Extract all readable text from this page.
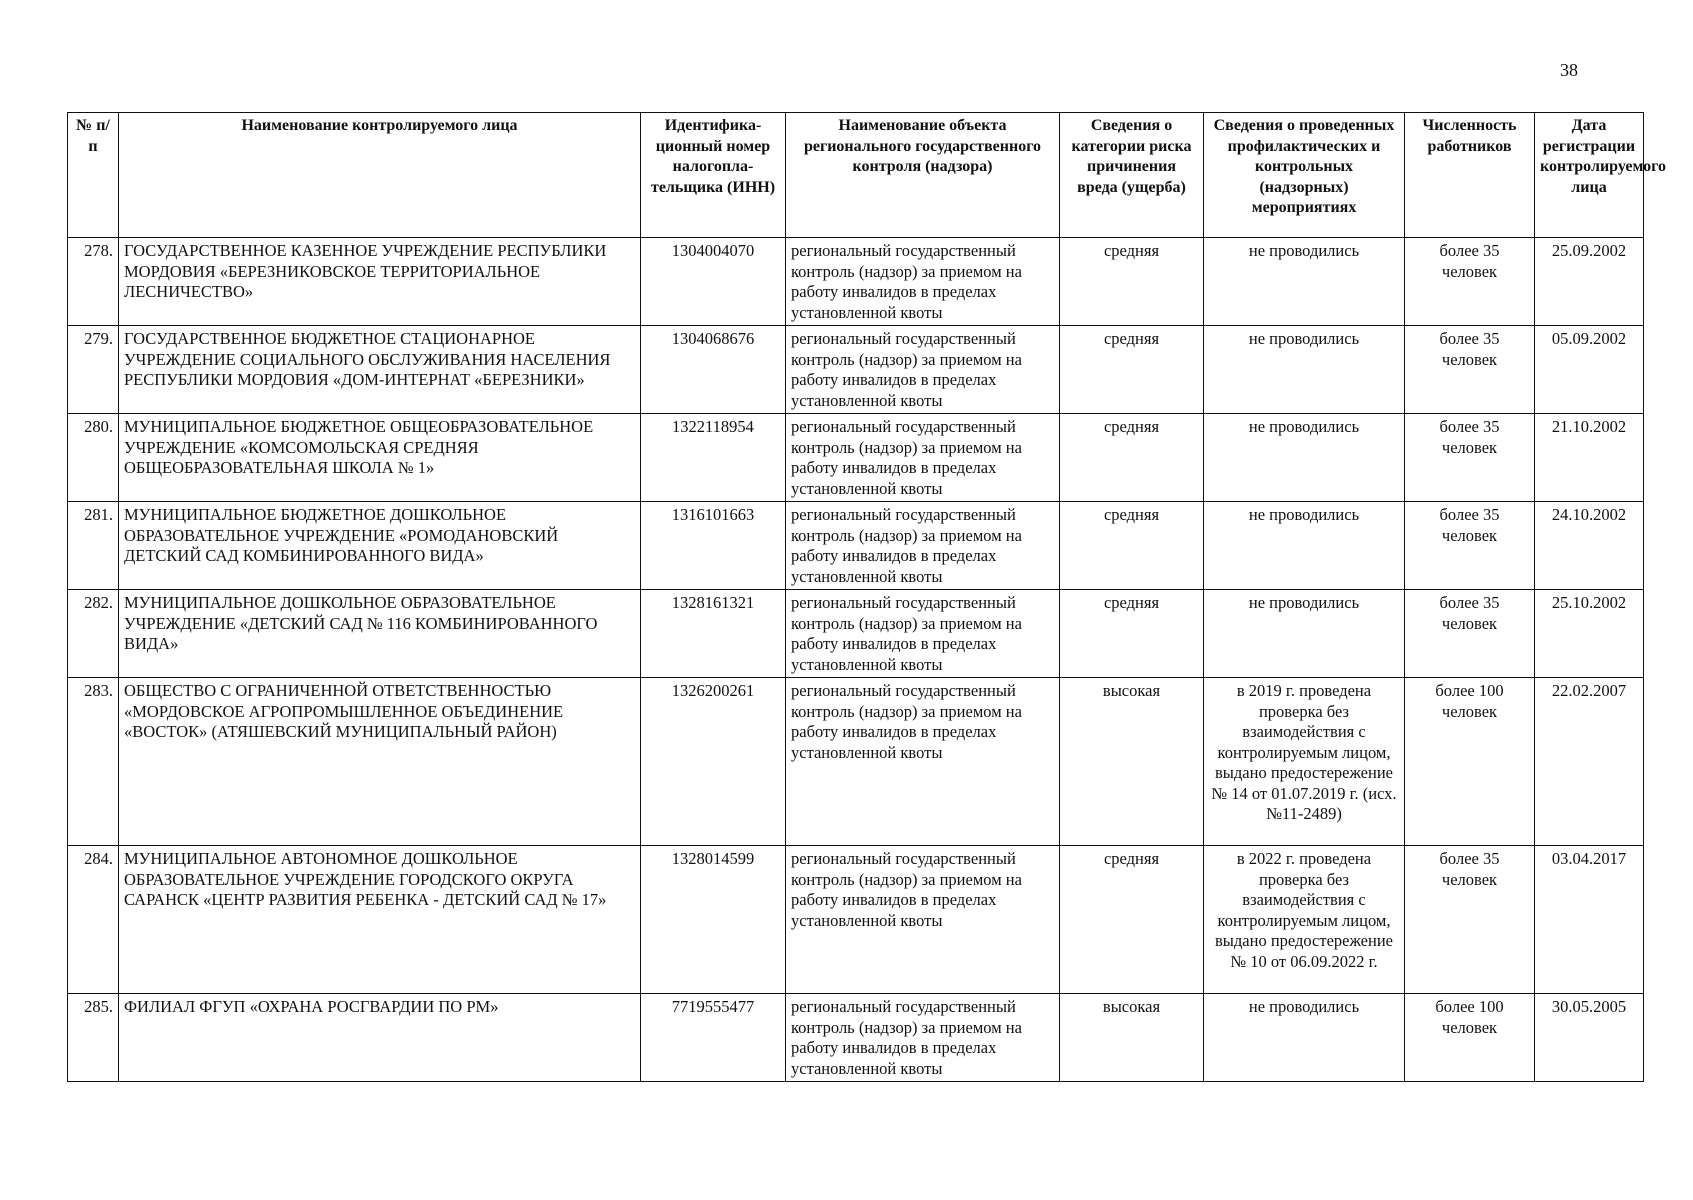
38
№ п/п	Наименование контролируемого лица	Идентифика-ционный номер налогопла-тельщика (ИНН)	Наименование объекта регионального государственного контроля (надзора)	Сведения о категории риска причинения вреда (ущерба)	Сведения о проведенных профилактических и контрольных (надзорных) мероприятиях	Численность работников	Дата регистрации контролируемого лица
278.	ГОСУДАРСТВЕННОЕ КАЗЕННОЕ УЧРЕЖДЕНИЕ РЕСПУБЛИКИ МОРДОВИЯ «БЕРЕЗНИКОВСКОЕ ТЕРРИТОРИАЛЬНОЕ ЛЕСНИЧЕСТВО»	1304004070	региональный государственный контроль (надзор) за приемом на работу инвалидов в пределах установленной квоты	средняя	не проводились	более 35 человек	25.09.2002
279.	ГОСУДАРСТВЕННОЕ БЮДЖЕТНОЕ СТАЦИОНАРНОЕ УЧРЕЖДЕНИЕ СОЦИАЛЬНОГО ОБСЛУЖИВАНИЯ НАСЕЛЕНИЯ РЕСПУБЛИКИ МОРДОВИЯ «ДОМ-ИНТЕРНАТ «БЕРЕЗНИКИ»	1304068676	региональный государственный контроль (надзор) за приемом на работу инвалидов в пределах установленной квоты	средняя	не проводились	более 35 человек	05.09.2002
280.	МУНИЦИПАЛЬНОЕ БЮДЖЕТНОЕ ОБЩЕОБРАЗОВАТЕЛЬНОЕ УЧРЕЖДЕНИЕ «КОМСОМОЛЬСКАЯ СРЕДНЯЯ ОБЩЕОБРАЗОВАТЕЛЬНАЯ ШКОЛА № 1»	1322118954	региональный государственный контроль (надзор) за приемом на работу инвалидов в пределах установленной квоты	средняя	не проводились	более 35 человек	21.10.2002
281.	МУНИЦИПАЛЬНОЕ БЮДЖЕТНОЕ ДОШКОЛЬНОЕ ОБРАЗОВАТЕЛЬНОЕ УЧРЕЖДЕНИЕ «РОМОДАНОВСКИЙ ДЕТСКИЙ САД КОМБИНИРОВАННОГО ВИДА»	1316101663	региональный государственный контроль (надзор) за приемом на работу инвалидов в пределах установленной квоты	средняя	не проводились	более 35 человек	24.10.2002
282.	МУНИЦИПАЛЬНОЕ ДОШКОЛЬНОЕ ОБРАЗОВАТЕЛЬНОЕ УЧРЕЖДЕНИЕ «ДЕТСКИЙ САД № 116 КОМБИНИРОВАННОГО ВИДА»	1328161321	региональный государственный контроль (надзор) за приемом на работу инвалидов в пределах установленной квоты	средняя	не проводились	более 35 человек	25.10.2002
283.	ОБЩЕСТВО С ОГРАНИЧЕННОЙ ОТВЕТСТВЕННОСТЬЮ «МОРДОВСКОЕ АГРОПРОМЫШЛЕННОЕ ОБЪЕДИНЕНИЕ «ВОСТОК» (АТЯШЕВСКИЙ МУНИЦИПАЛЬНЫЙ РАЙОН)	1326200261	региональный государственный контроль (надзор) за приемом на работу инвалидов в пределах установленной квоты	высокая	в 2019 г. проведена проверка без взаимодействия с контролируемым лицом, выдано предостережение № 14 от 01.07.2019 г. (исх. №11-2489)	более 100 человек	22.02.2007
284.	МУНИЦИПАЛЬНОЕ АВТОНОМНОЕ ДОШКОЛЬНОЕ ОБРАЗОВАТЕЛЬНОЕ УЧРЕЖДЕНИЕ ГОРОДСКОГО ОКРУГА САРАНСК «ЦЕНТР РАЗВИТИЯ РЕБЕНКА - ДЕТСКИЙ САД № 17»	1328014599	региональный государственный контроль (надзор) за приемом на работу инвалидов в пределах установленной квоты	средняя	в 2022 г. проведена проверка без взаимодействия с контролируемым лицом, выдано предостережение № 10 от 06.09.2022 г.	более 35 человек	03.04.2017
285.	ФИЛИАЛ ФГУП «ОХРАНА РОСГВАРДИИ ПО РМ»	7719555477	региональный государственный контроль (надзор) за приемом на работу инвалидов в пределах установленной квоты	высокая	не проводились	более 100 человек	30.05.2005
